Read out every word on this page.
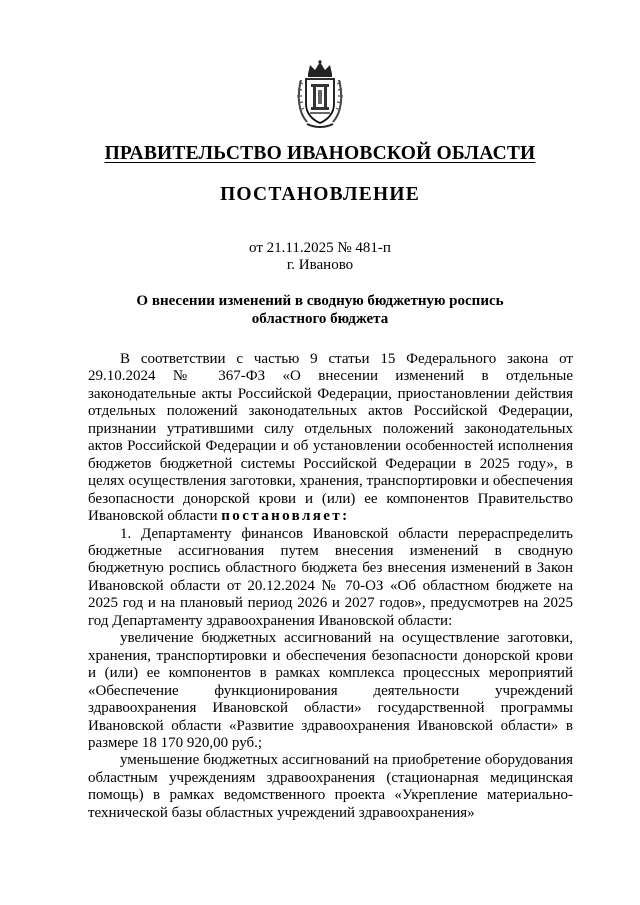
ПРАВИТЕЛЬСТВО ИВАНОВСКОЙ ОБЛАСТИ
ПОСТАНОВЛЕНИЕ
от 21.11.2025 № 481-п
г. Иваново
О внесении изменений в сводную бюджетную роспись
областного бюджета

В соответствии с частью 9 статьи 15 Федерального закона от 29.10.2024 № 367-ФЗ «О внесении изменений в отдельные законодательные акты Российской Федерации, приостановлении действия отдельных положений законодательных актов Российской Федерации, признании утратившими силу отдельных положений законодательных актов Российской Федерации и об установлении особенностей исполнения бюджетов бюджетной системы Российской Федерации в 2025 году», в целях осуществления заготовки, хранения, транспортировки и обеспечения безопасности донорской крови и (или) ее компонентов Правительство Ивановской области постановляет:

1. Департаменту финансов Ивановской области перераспределить бюджетные ассигнования путем внесения изменений в сводную бюджетную роспись областного бюджета без внесения изменений в Закон Ивановской области от 20.12.2024 № 70-ОЗ «Об областном бюджете на 2025 год и на плановый период 2026 и 2027 годов», предусмотрев на 2025 год Департаменту здравоохранения Ивановской области:

увеличение бюджетных ассигнований на осуществление заготовки, хранения, транспортировки и обеспечения безопасности донорской крови и (или) ее компонентов в рамках комплекса процессных мероприятий «Обеспечение функционирования деятельности учреждений здравоохранения Ивановской области» государственной программы Ивановской области «Развитие здравоохранения Ивановской области» в размере 18 170 920,00 руб.;

уменьшение бюджетных ассигнований на приобретение оборудования областным учреждениям здравоохранения (стационарная медицинская помощь) в рамках ведомственного проекта «Укрепление материально-технической базы областных учреждений здравоохранения»
